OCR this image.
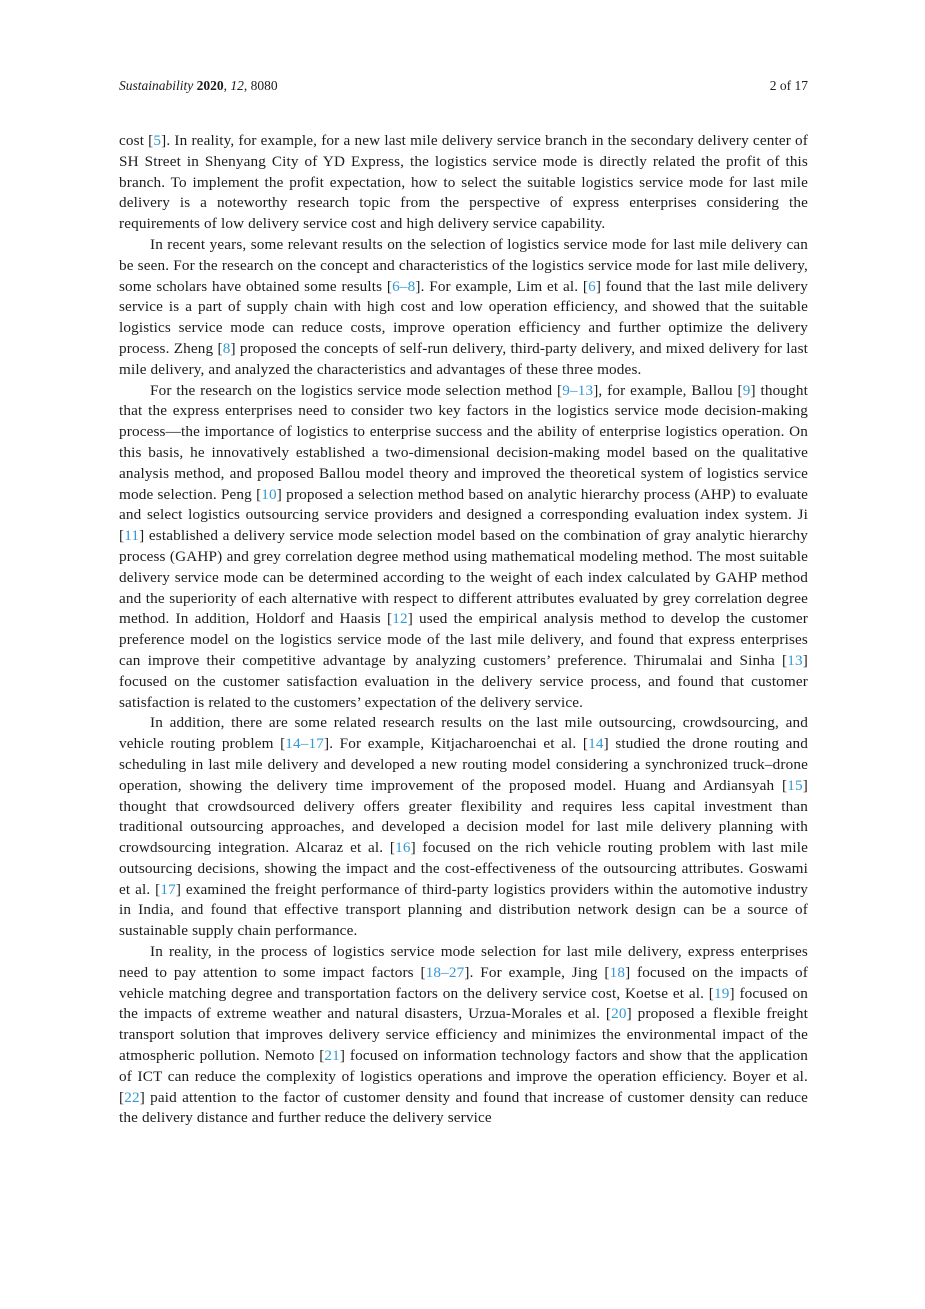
Sustainability 2020, 12, 8080	2 of 17

cost [5]. In reality, for example, for a new last mile delivery service branch in the secondary delivery center of SH Street in Shenyang City of YD Express, the logistics service mode is directly related the profit of this branch. To implement the profit expectation, how to select the suitable logistics service mode for last mile delivery is a noteworthy research topic from the perspective of express enterprises considering the requirements of low delivery service cost and high delivery service capability.

In recent years, some relevant results on the selection of logistics service mode for last mile delivery can be seen. For the research on the concept and characteristics of the logistics service mode for last mile delivery, some scholars have obtained some results [6–8]. For example, Lim et al. [6] found that the last mile delivery service is a part of supply chain with high cost and low operation efficiency, and showed that the suitable logistics service mode can reduce costs, improve operation efficiency and further optimize the delivery process. Zheng [8] proposed the concepts of self-run delivery, third-party delivery, and mixed delivery for last mile delivery, and analyzed the characteristics and advantages of these three modes.

For the research on the logistics service mode selection method [9–13], for example, Ballou [9] thought that the express enterprises need to consider two key factors in the logistics service mode decision-making process—the importance of logistics to enterprise success and the ability of enterprise logistics operation. On this basis, he innovatively established a two-dimensional decision-making model based on the qualitative analysis method, and proposed Ballou model theory and improved the theoretical system of logistics service mode selection. Peng [10] proposed a selection method based on analytic hierarchy process (AHP) to evaluate and select logistics outsourcing service providers and designed a corresponding evaluation index system. Ji [11] established a delivery service mode selection model based on the combination of gray analytic hierarchy process (GAHP) and grey correlation degree method using mathematical modeling method. The most suitable delivery service mode can be determined according to the weight of each index calculated by GAHP method and the superiority of each alternative with respect to different attributes evaluated by grey correlation degree method. In addition, Holdorf and Haasis [12] used the empirical analysis method to develop the customer preference model on the logistics service mode of the last mile delivery, and found that express enterprises can improve their competitive advantage by analyzing customers’ preference. Thirumalai and Sinha [13] focused on the customer satisfaction evaluation in the delivery service process, and found that customer satisfaction is related to the customers’ expectation of the delivery service.

In addition, there are some related research results on the last mile outsourcing, crowdsourcing, and vehicle routing problem [14–17]. For example, Kitjacharoenchai et al. [14] studied the drone routing and scheduling in last mile delivery and developed a new routing model considering a synchronized truck–drone operation, showing the delivery time improvement of the proposed model. Huang and Ardiansyah [15] thought that crowdsourced delivery offers greater flexibility and requires less capital investment than traditional outsourcing approaches, and developed a decision model for last mile delivery planning with crowdsourcing integration. Alcaraz et al. [16] focused on the rich vehicle routing problem with last mile outsourcing decisions, showing the impact and the cost-effectiveness of the outsourcing attributes. Goswami et al. [17] examined the freight performance of third-party logistics providers within the automotive industry in India, and found that effective transport planning and distribution network design can be a source of sustainable supply chain performance.

In reality, in the process of logistics service mode selection for last mile delivery, express enterprises need to pay attention to some impact factors [18–27]. For example, Jing [18] focused on the impacts of vehicle matching degree and transportation factors on the delivery service cost, Koetse et al. [19] focused on the impacts of extreme weather and natural disasters, Urzua-Morales et al. [20] proposed a flexible freight transport solution that improves delivery service efficiency and minimizes the environmental impact of the atmospheric pollution. Nemoto [21] focused on information technology factors and show that the application of ICT can reduce the complexity of logistics operations and improve the operation efficiency. Boyer et al. [22] paid attention to the factor of customer density and found that increase of customer density can reduce the delivery distance and further reduce the delivery service
